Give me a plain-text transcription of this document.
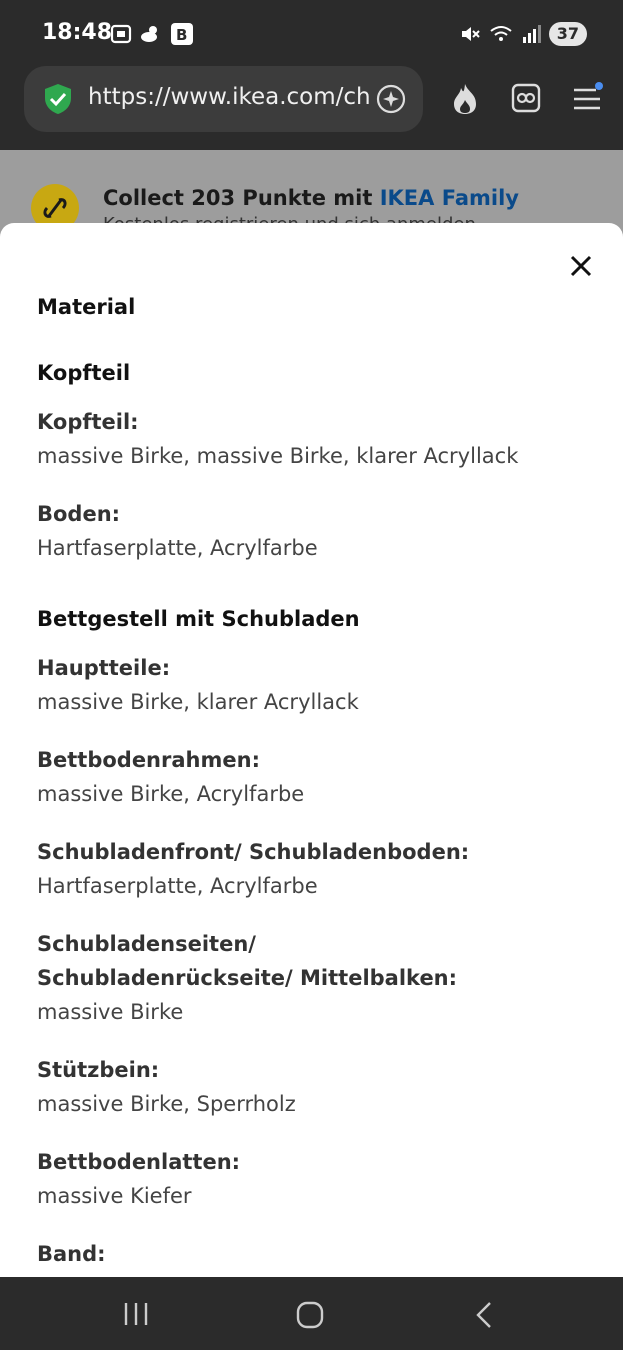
18:48	B	37
https://www.ikea.com/ch
Collect 203 Punkte mit IKEA Family
Material
Kopfteil
Kopfteil:
massive Birke, massive Birke, klarer Acryllack
Boden:
Hartfaserplatte, Acrylfarbe
Bettgestell mit Schubladen
Hauptteile:
massive Birke, klarer Acryllack
Bettbodenrahmen:
massive Birke, Acrylfarbe
Schubladenfront/ Schubladenboden:
Hartfaserplatte, Acrylfarbe
Schubladenseiten/ Schubladenrückseite/ Mittelbalken:
massive Birke
Stützbein:
massive Birke, Sperrholz
Bettbodenlatten:
massive Kiefer
Band:
